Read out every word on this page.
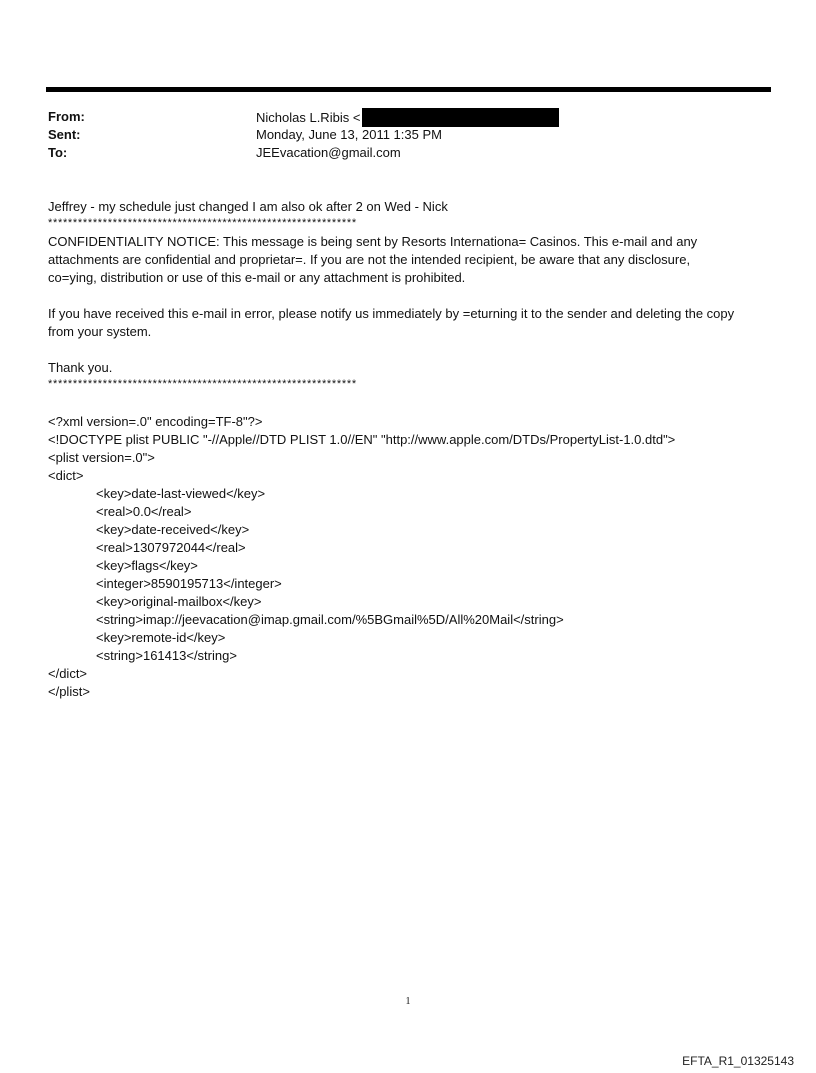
From:	Nicholas L.Ribis <
Sent:	Monday, June 13, 2011 1:35 PM
To:	JEEvacation@gmail.com
Jeffrey - my schedule just changed I am also ok after 2 on Wed - Nick
**************************************************************
CONFIDENTIALITY NOTICE: This message is being sent by Resorts Internationa= Casinos. This e-mail and any
attachments are confidential and proprietar=. If you are not the intended recipient, be aware that any disclosure,
co=ying, distribution or use of this e-mail or any attachment is prohibited.
If you have received this e-mail in error, please notify us immediately by =eturning it to the sender and deleting the copy
from your system.
Thank you.
**************************************************************
<?xml version=.0" encoding=TF-8"?>
<!DOCTYPE plist PUBLIC "-//Apple//DTD PLIST 1.0//EN" "http://www.apple.com/DTDs/PropertyList-1.0.dtd">
<plist version=.0">
<dict>
<key>date-last-viewed</key>
<real>0.0</real>
<key>date-received</key>
<real>1307972044</real>
<key>flags</key>
<integer>8590195713</integer>
<key>original-mailbox</key>
<string>imap://jeevacation@imap.gmail.com/%5BGmail%5D/All%20Mail</string>
<key>remote-id</key>
<string>161413</string>
</dict>
</plist>
1
EFTA_R1_01325143
